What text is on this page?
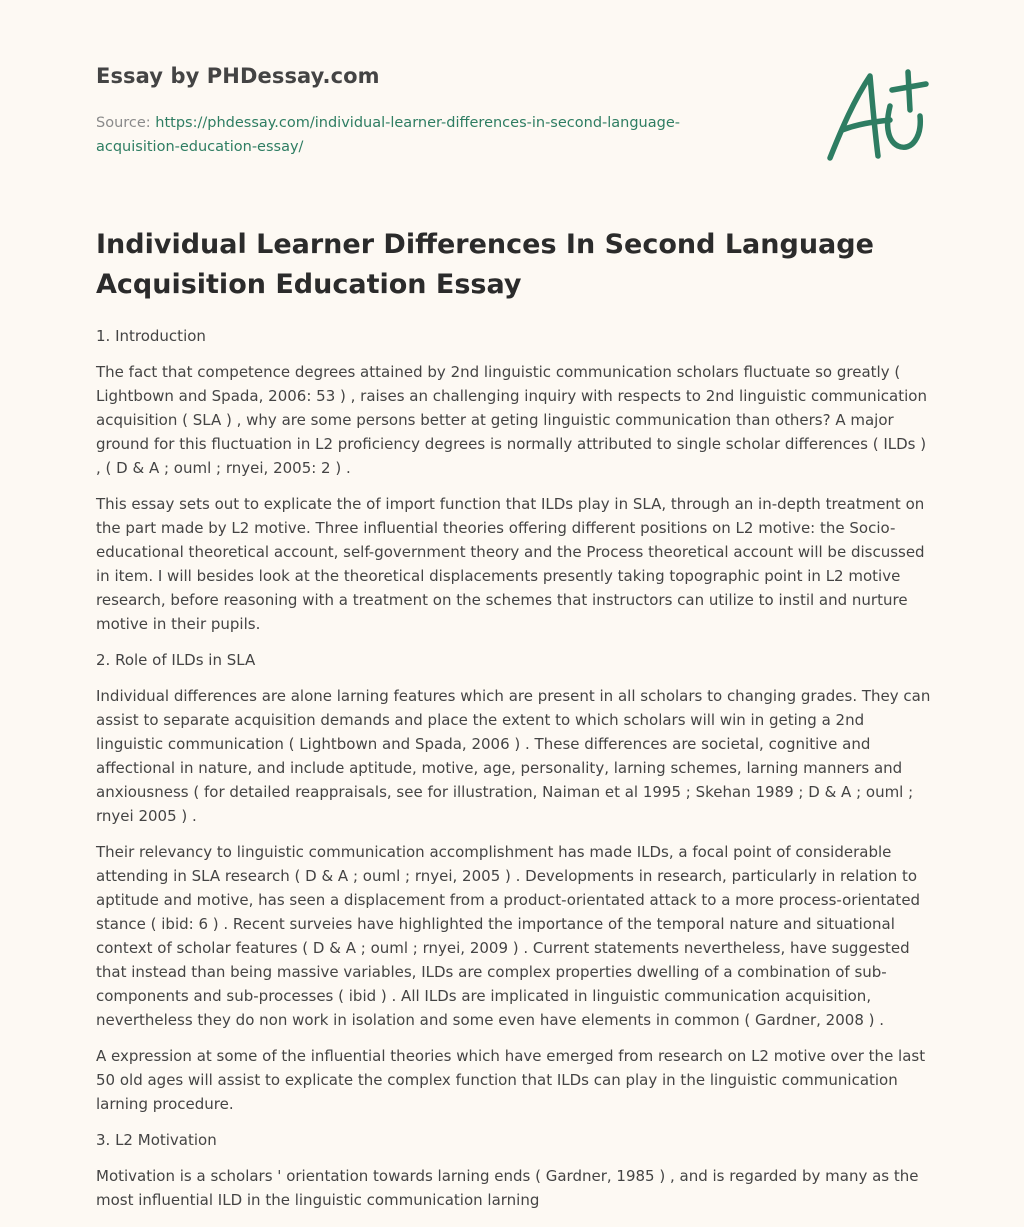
Essay by PHDessay.com
Source: https://phdessay.com/individual-learner-differences-in-second-language-acquisition-education-essay/
Individual Learner Differences In Second Language Acquisition Education Essay

1. Introduction

The fact that competence degrees attained by 2nd linguistic communication scholars fluctuate so greatly ( Lightbown and Spada, 2006: 53 ) , raises an challenging inquiry with respects to 2nd linguistic communication acquisition ( SLA ) , why are some persons better at geting linguistic communication than others? A major ground for this fluctuation in L2 proficiency degrees is normally attributed to single scholar differences ( ILDs ) , ( D & A ; ouml ; rnyei, 2005: 2 ) .

This essay sets out to explicate the of import function that ILDs play in SLA, through an in-depth treatment on the part made by L2 motive. Three influential theories offering different positions on L2 motive: the Socio-educational theoretical account, self-government theory and the Process theoretical account will be discussed in item. I will besides look at the theoretical displacements presently taking topographic point in L2 motive research, before reasoning with a treatment on the schemes that instructors can utilize to instil and nurture motive in their pupils.

2. Role of ILDs in SLA

Individual differences are alone larning features which are present in all scholars to changing grades. They can assist to separate acquisition demands and place the extent to which scholars will win in geting a 2nd linguistic communication ( Lightbown and Spada, 2006 ) . These differences are societal, cognitive and affectional in nature, and include aptitude, motive, age, personality, larning schemes, larning manners and anxiousness ( for detailed reappraisals, see for illustration, Naiman et al 1995 ; Skehan 1989 ; D & A ; ouml ; rnyei 2005 ) .

Their relevancy to linguistic communication accomplishment has made ILDs, a focal point of considerable attending in SLA research ( D & A ; ouml ; rnyei, 2005 ) . Developments in research, particularly in relation to aptitude and motive, has seen a displacement from a product-orientated attack to a more process-orientated stance ( ibid: 6 ) . Recent surveies have highlighted the importance of the temporal nature and situational context of scholar features ( D & A ; ouml ; rnyei, 2009 ) . Current statements nevertheless, have suggested that instead than being massive variables, ILDs are complex properties dwelling of a combination of sub-components and sub-processes ( ibid ) . All ILDs are implicated in linguistic communication acquisition, nevertheless they do non work in isolation and some even have elements in common ( Gardner, 2008 ) .

A expression at some of the influential theories which have emerged from research on L2 motive over the last 50 old ages will assist to explicate the complex function that ILDs can play in the linguistic communication larning procedure.

3. L2 Motivation

Motivation is a scholars ' orientation towards larning ends ( Gardner, 1985 ) , and is regarded by many as the most influential ILD in the linguistic communication larning
